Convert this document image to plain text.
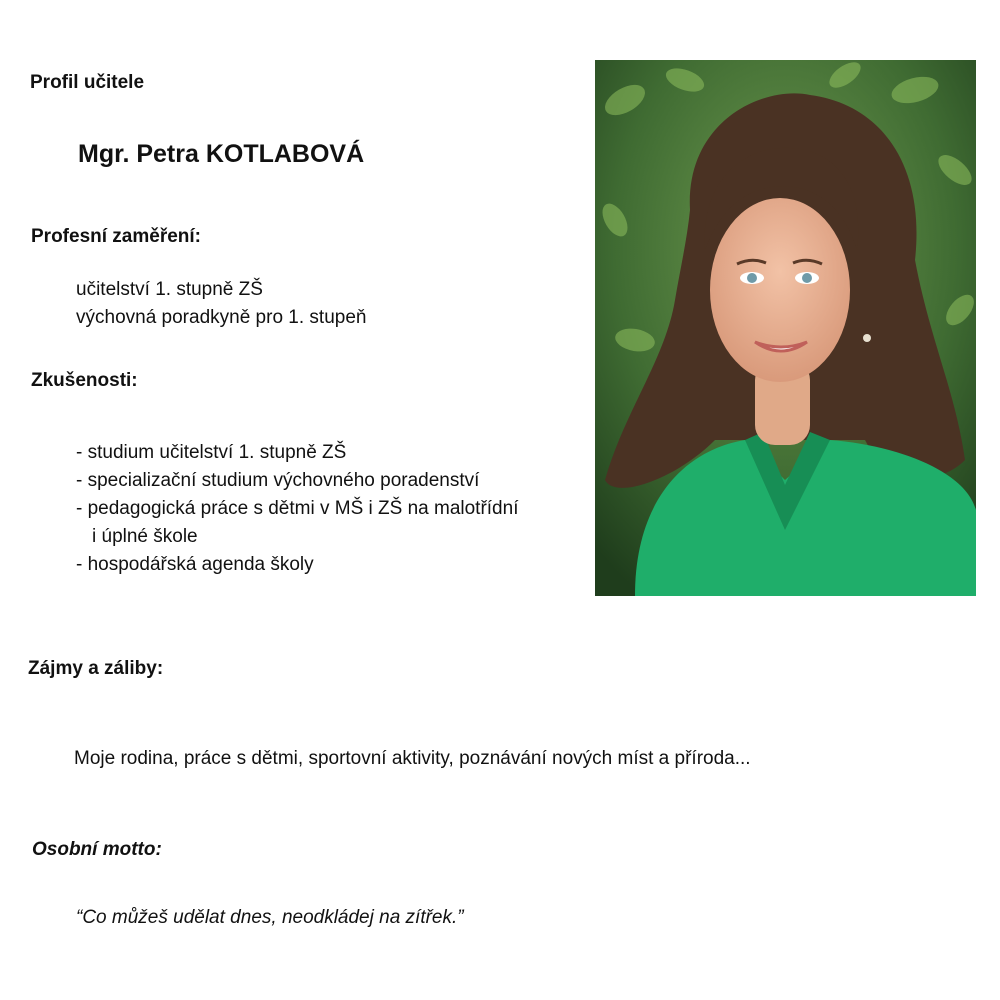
Profil učitele

Mgr. Petra KOTLABOVÁ

Profesní zaměření:

učitelství 1. stupně ZŠ
výchovná poradkyně pro 1. stupeň

Zkušenosti:

- studium učitelství 1. stupně ZŠ
- specializační studium výchovného poradenství
- pedagogická práce s dětmi v MŠ i ZŠ na malotřídní
i úplné škole
- hospodářská agenda školy

Zájmy a záliby:

Moje rodina, práce s dětmi, sportovní aktivity, poznávání nových míst a příroda...

Osobní motto:

“Co můžeš udělat dnes, neodkládej na zítřek.”
